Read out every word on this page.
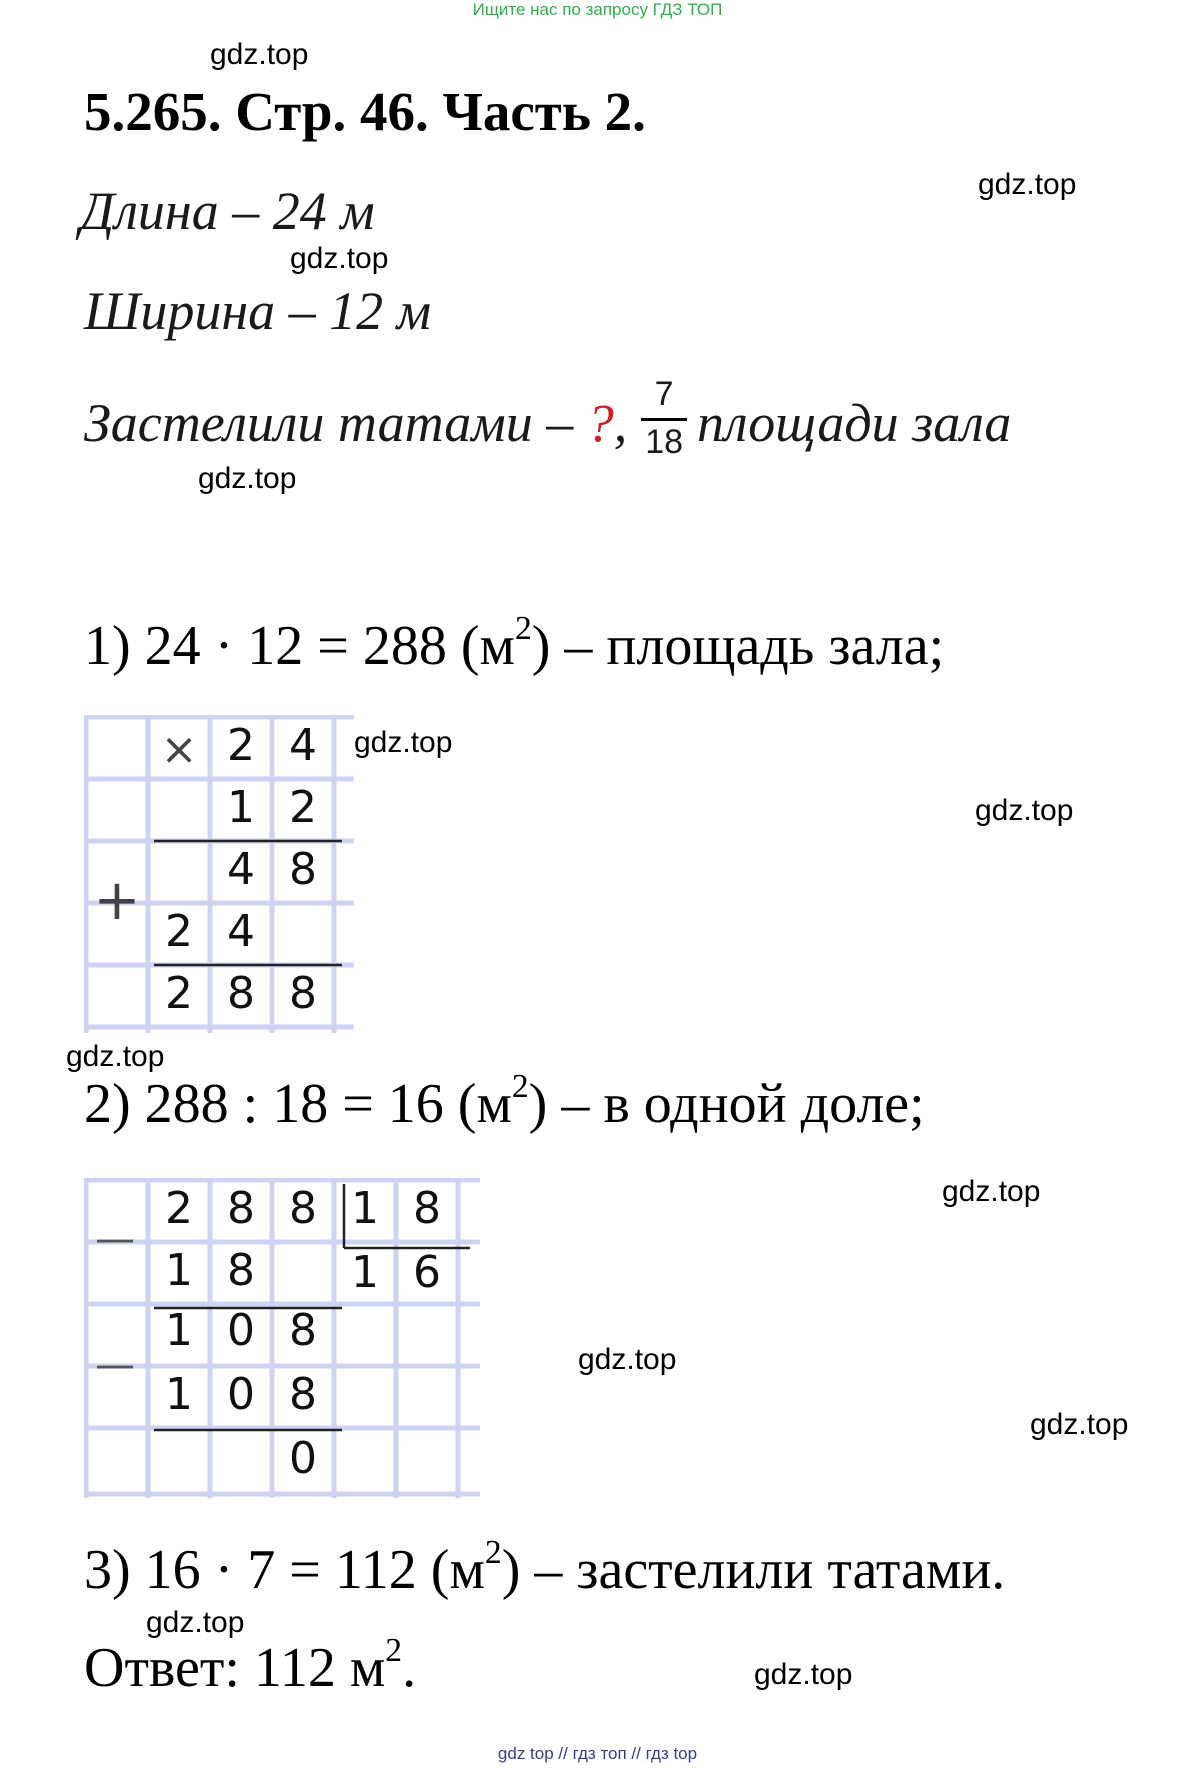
Ищите нас по запросу ГДЗ ТОП
gdz.top
gdz.top
gdz.top
gdz.top
gdz.top
gdz.top
gdz.top
gdz.top
gdz.top
gdz.top
gdz.top
gdz.top
5.265. Стр. 46. Часть 2.
Длина – 24 м
Ширина – 12 м
Застелили татами – ?, $\frac{7}{18}$ площади зала
1) 24 · 12 = 288 $(м^2)$ – площадь зала;
× 2 4
1 2
4 8
+ 2 4
2 8 8
2) 288 : 18 = 16 $(м^2)$ – в одной доле;
—
2 8 8 1 8
1 8	1 6
1 0 8
—
1 0 8
0
3) 16 · 7 = 112 $(м^2)$ – застелили татами.
Ответ: 112 $м^2$.
gdz top // гдз топ // гдз top
